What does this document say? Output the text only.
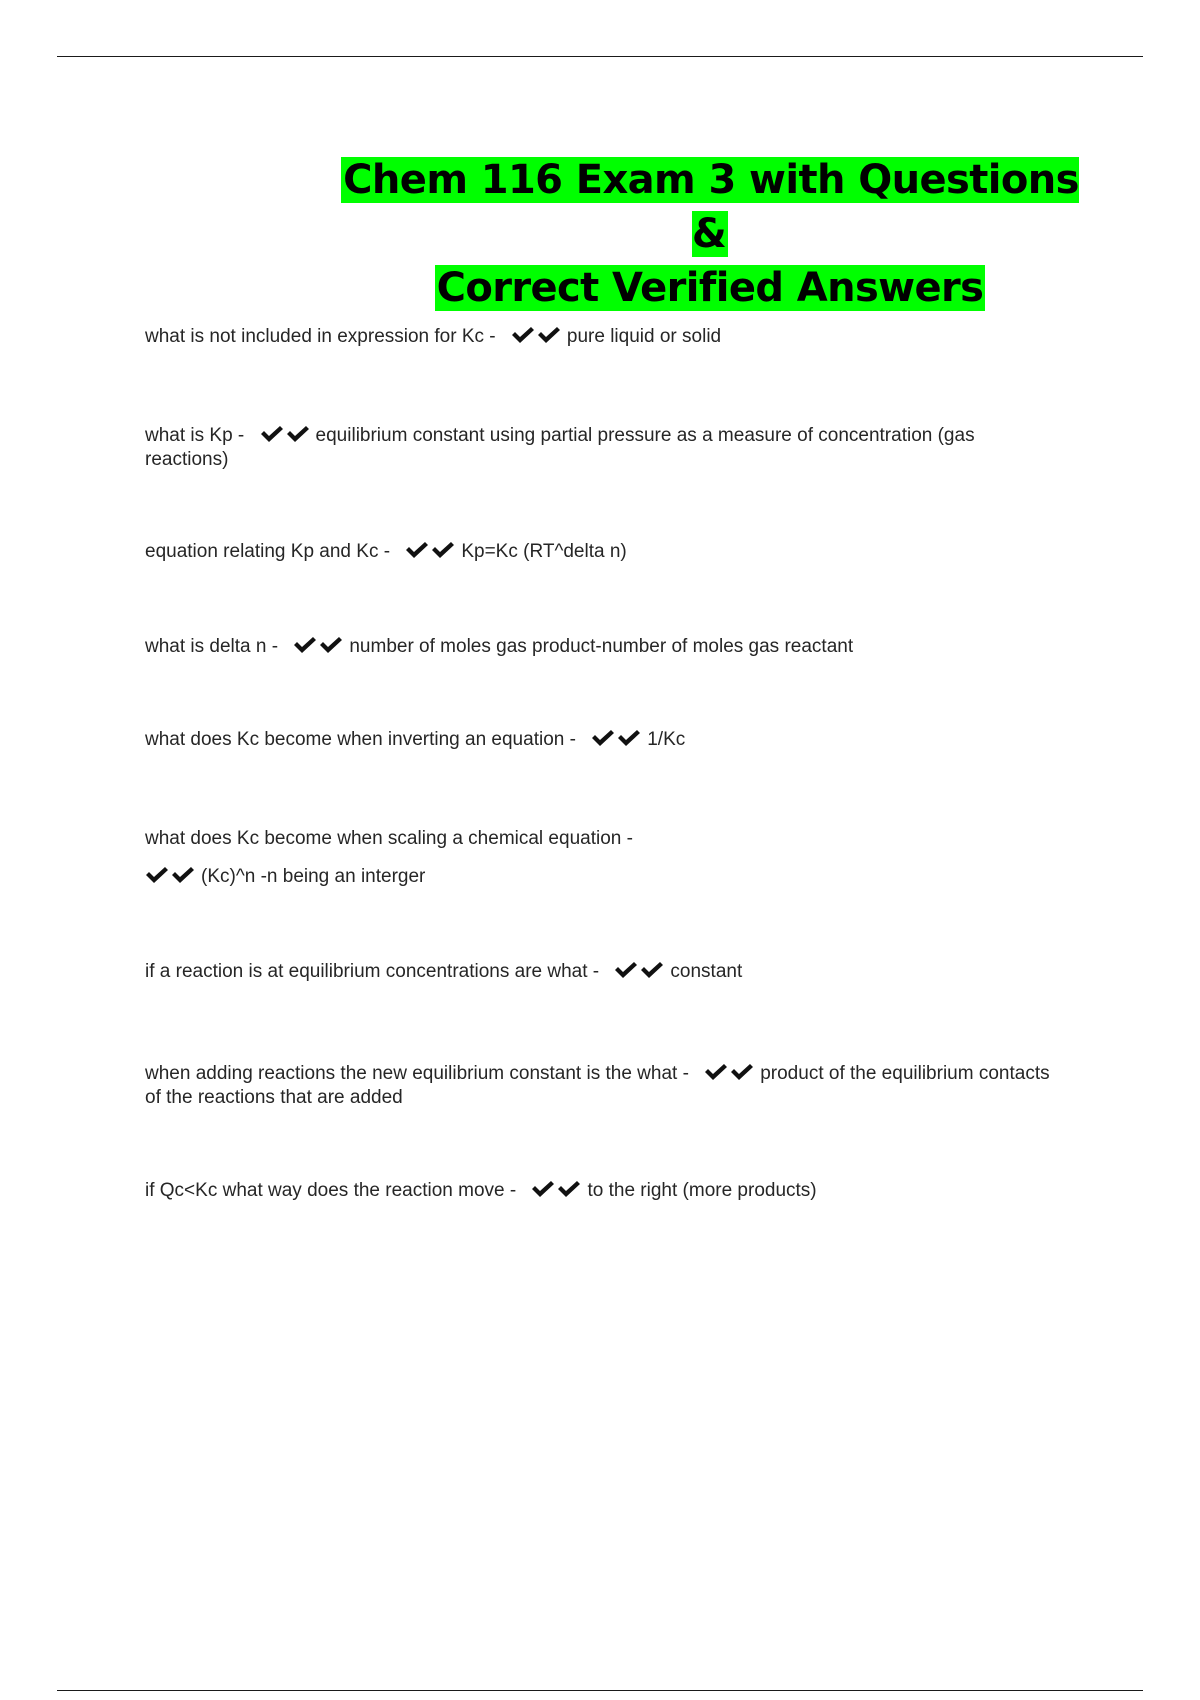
Chem 116 Exam 3 with Questions &
Correct Verified Answers
what is not included in expression for Kc -	pure liquid or solid
what is Kp -	equilibrium constant using partial pressure as a measure of concentration (gas reactions)
equation relating Kp and Kc -	Kp=Kc (RT^delta n)
what is delta n -	number of moles gas product-number of moles gas reactant
what does Kc become when inverting an equation -	1/Kc
what does Kc become when scaling a chemical equation -
(Kc)^n -n being an interger
if a reaction is at equilibrium concentrations are what -	constant
when adding reactions the new equilibrium constant is the what -	product of the equilibrium contacts of the reactions that are added
if Qc<Kc what way does the reaction move -	to the right (more products)
